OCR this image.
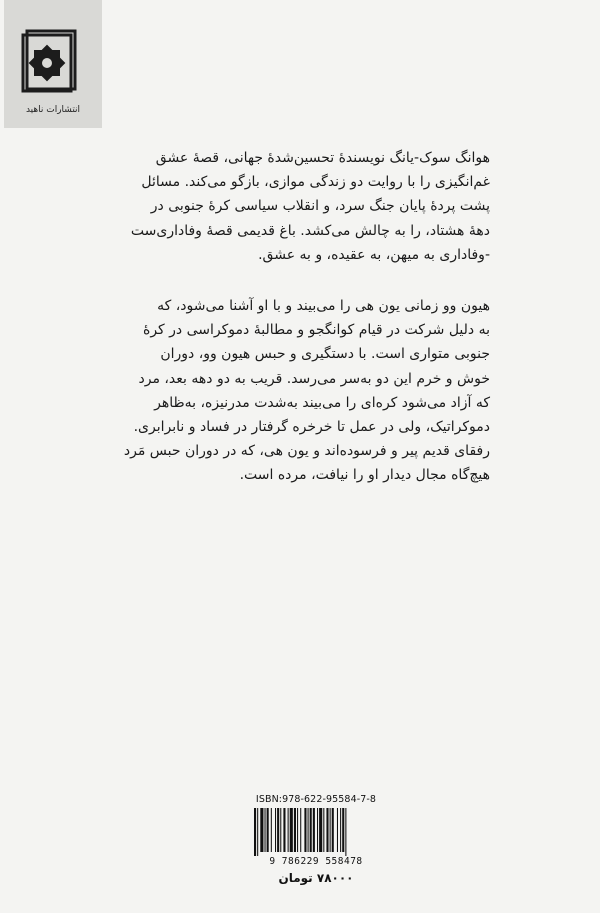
انتشارات ناهید
هوانگ سوک-یانگ نویسندۀ تحسین‌شدۀ جهانی، قصۀ عشق
غم‌انگیزی را با روایت دو زندگی موازی، بازگو می‌کند. مسائل
پشت پردۀ پایان جنگ سرد، و انقلاب سیاسی کرۀ جنوبی در
دهۀ هشتاد، را به چالش می‌کشد. باغ قدیمی قصۀ وفاداری‌ست
-وفاداری به میهن، به عقیده، و به عشق.
هیون وو زمانی یون هی را می‌بیند و با او آشنا می‌شود، که
به دلیل شرکت در قیام کوانگجو و مطالبۀ دموکراسی در کرۀ
جنوبی متواری است. با دستگیری و حبس هیون وو، دوران
خوش و خرم این دو به‌سر می‌رسد. قریب به دو دهه بعد، مرد
که آزاد می‌شود کره‌ای را می‌بیند به‌شدت مدرنیزه، به‌ظاهر
دموکراتیک، ولی در عمل تا خرخره گرفتار در فساد و نابرابری.
رفقای قدیم پیر و فرسوده‌اند و یون هی، که در دوران حبس مَرد
هیچ‌گاه مجال دیدار او را نیافت، مرده است.
ISBN:978-622-95584-7-8
9 786229 558478
۷۸۰۰۰ تومان
